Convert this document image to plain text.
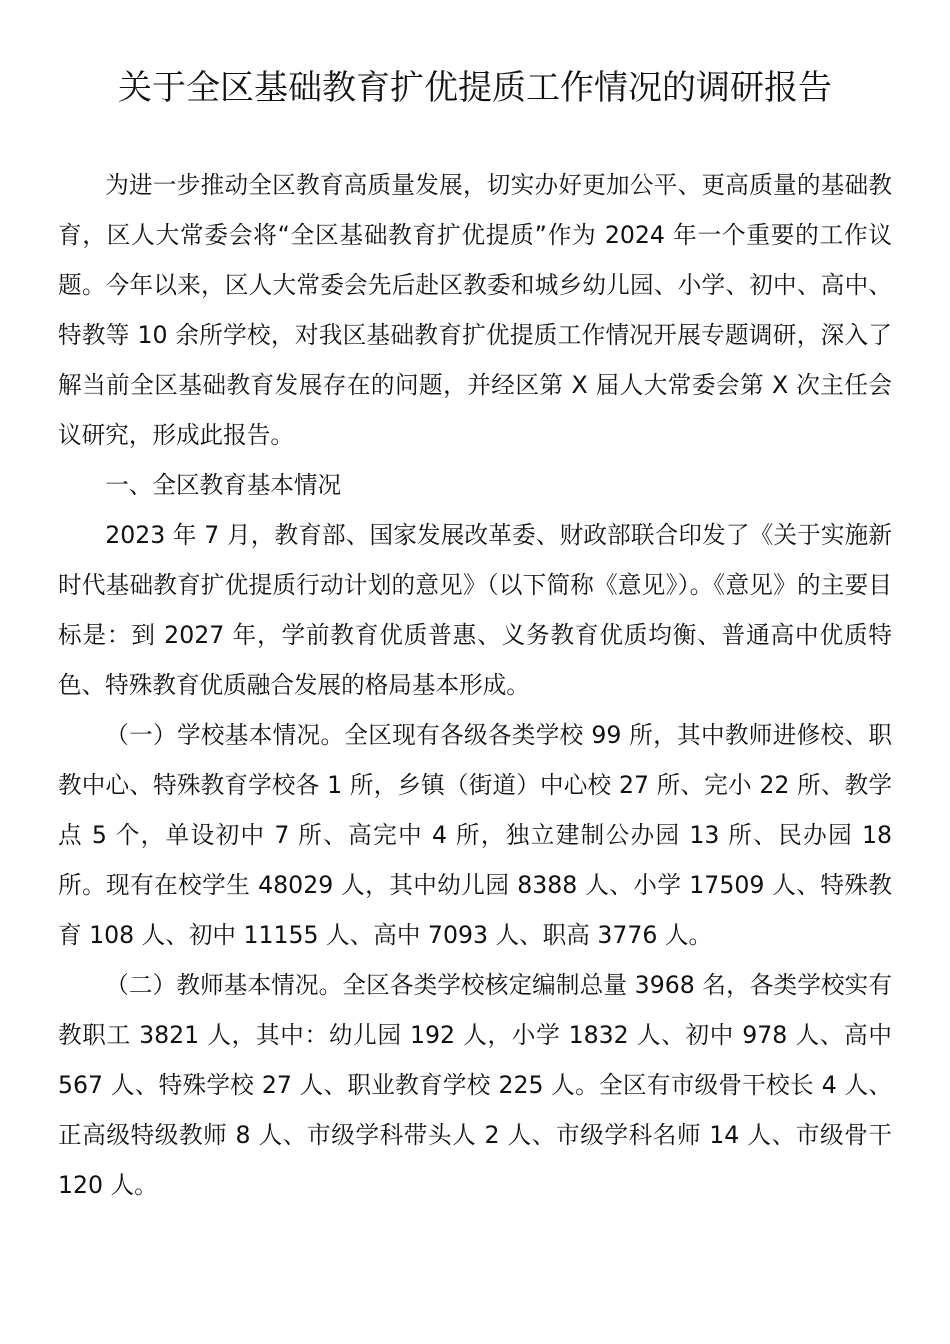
关于全区基础教育扩优提质工作情况的调研报告

为进一步推动全区教育高质量发展，切实办好更加公平、更高质量的基础教育，区人大常委会将“全区基础教育扩优提质”作为 2024 年一个重要的工作议题。今年以来，区人大常委会先后赴区教委和城乡幼儿园、小学、初中、高中、特教等 10 余所学校，对我区基础教育扩优提质工作情况开展专题调研，深入了解当前全区基础教育发展存在的问题，并经区第 X 届人大常委会第 X 次主任会议研究，形成此报告。

一、全区教育基本情况

2023 年 7 月，教育部、国家发展改革委、财政部联合印发了《关于实施新时代基础教育扩优提质行动计划的意见》（以下简称《意见》）。《意见》的主要目标是：到 2027 年，学前教育优质普惠、义务教育优质均衡、普通高中优质特色、特殊教育优质融合发展的格局基本形成。

（一）学校基本情况。全区现有各级各类学校 99 所，其中教师进修校、职教中心、特殊教育学校各 1 所，乡镇（街道）中心校 27 所、完小 22 所、教学点 5 个，单设初中 7 所、高完中 4 所，独立建制公办园 13 所、民办园 18 所。现有在校学生 48029 人，其中幼儿园 8388 人、小学 17509 人、特殊教育 108 人、初中 11155 人、高中 7093 人、职高 3776 人。

（二）教师基本情况。全区各类学校核定编制总量 3968 名，各类学校实有教职工 3821 人，其中：幼儿园 192 人，小学 1832 人、初中 978 人、高中 567 人、特殊学校 27 人、职业教育学校 225 人。全区有市级骨干校长 4 人、正高级特级教师 8 人、市级学科带头人 2 人、市级学科名师 14 人、市级骨干 120 人。
